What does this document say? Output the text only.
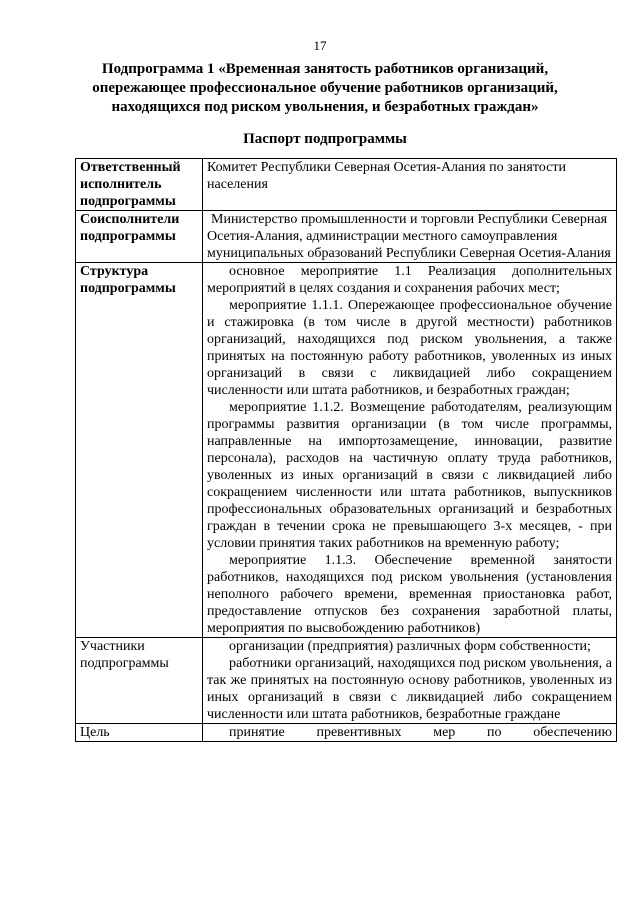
17
Подпрограмма 1 «Временная занятость работников организаций,
опережающее профессиональное обучение работников организаций,
находящихся под риском увольнения, и безработных граждан»
Паспорт подпрограммы
Ответственный исполнитель подпрограммы	Комитет Республики Северная Осетия-Алания по занятости населения

Соисполнители подпрограммы	Министерство промышленности и торговли Республики Северная Осетия-Алания, администрации местного самоуправления муниципальных образований Республики Северная Осетия-Алания

Структура подпрограммы	основное мероприятие 1.1 Реализация дополнительных мероприятий в целях создания и сохранения рабочих мест;

мероприятие 1.1.1. Опережающее профессиональное обучение и стажировка (в том числе в другой местности) работников организаций, находящихся под риском увольнения, а также принятых на постоянную работу работников, уволенных из иных организаций в связи с ликвидацией либо сокращением численности или штата работников, и безработных граждан;

мероприятие 1.1.2. Возмещение работодателям, реализующим программы развития организации (в том числе программы, направленные на импортозамещение, инновации, развитие персонала), расходов на частичную оплату труда работников, уволенных из иных организаций в связи с ликвидацией либо сокращением численности или штата работников, выпускников профессиональных образовательных организаций и безработных граждан в течении срока не превышающего 3-х месяцев, - при условии принятия таких работников на временную работу;

мероприятие 1.1.3. Обеспечение временной занятости работников, находящихся под риском увольнения (установления неполного рабочего времени, временная приостановка работ, предоставление отпусков без сохранения заработной платы, мероприятия по высвобождению работников)

Участники подпрограммы	организации (предприятия) различных форм собственности;

работники организаций, находящихся под риском увольнения, а так же принятых на постоянную основу работников, уволенных из иных организаций в связи с ликвидацией либо сокращением численности или штата работников, безработные граждане

Цель	принятие превентивных мер по обеспечению
